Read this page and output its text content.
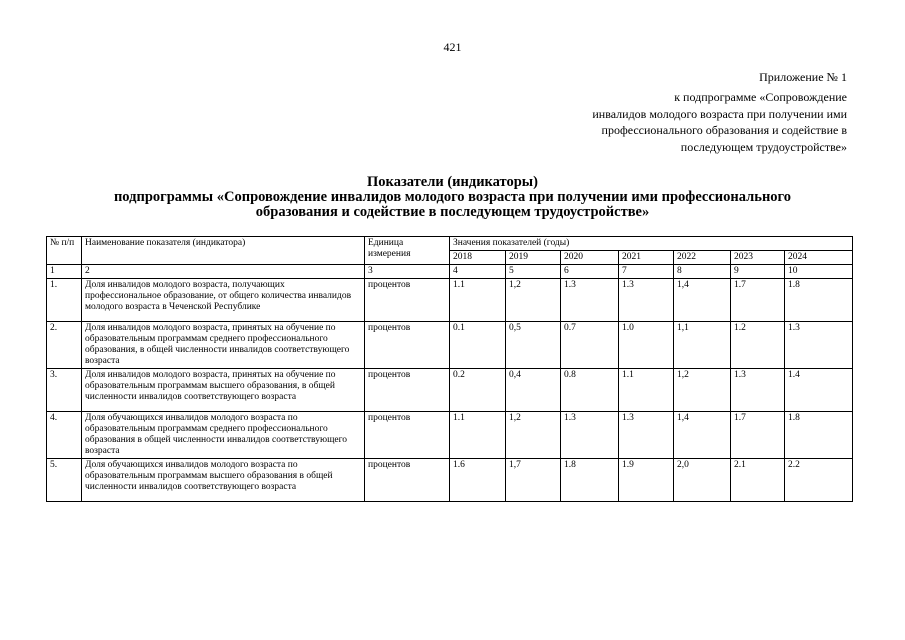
421
Приложение № 1
к подпрограмме «Сопровождение
инвалидов молодого возраста при получении ими
профессионального образования и содействие в
последующем трудоустройстве»
Показатели (индикаторы)
подпрограммы «Сопровождение инвалидов молодого возраста при получении ими профессионального
образования и содействие в последующем трудоустройстве»
№ п/п	Наименование показателя (индикатора)	Единица измерения	Значения показателей (годы)						
			2018	2019	2020	2021	2022	2023	2024
1	2	3	4	5	6	7	8	9	10
1.	Доля инвалидов молодого возраста, получающих профессиональное образование, от общего количества инвалидов молодого возраста в Чеченской Республике	процентов	1.1	1,2	1.3	1.3	1,4	1.7	1.8
2.	Доля инвалидов молодого возраста, принятых на обучение по образовательным программам среднего профессионального образования, в общей численности инвалидов соответствующего возраста	процентов	0.1	0,5	0.7	1.0	1,1	1.2	1.3
3.	Доля инвалидов молодого возраста, принятых на обучение по образовательным программам высшего образования, в общей численности инвалидов соответствующего возраста	процентов	0.2	0,4	0.8	1.1	1,2	1.3	1.4
4.	Доля обучающихся инвалидов молодого возраста по образовательным программам среднего профессионального образования в общей численности инвалидов соответствующего возраста	процентов	1.1	1,2	1.3	1.3	1,4	1.7	1.8
5.	Доля обучающихся инвалидов молодого возраста по образовательным программам высшего образования в общей численности инвалидов соответствующего возраста	процентов	1.6	1,7	1.8	1.9	2,0	2.1	2.2
